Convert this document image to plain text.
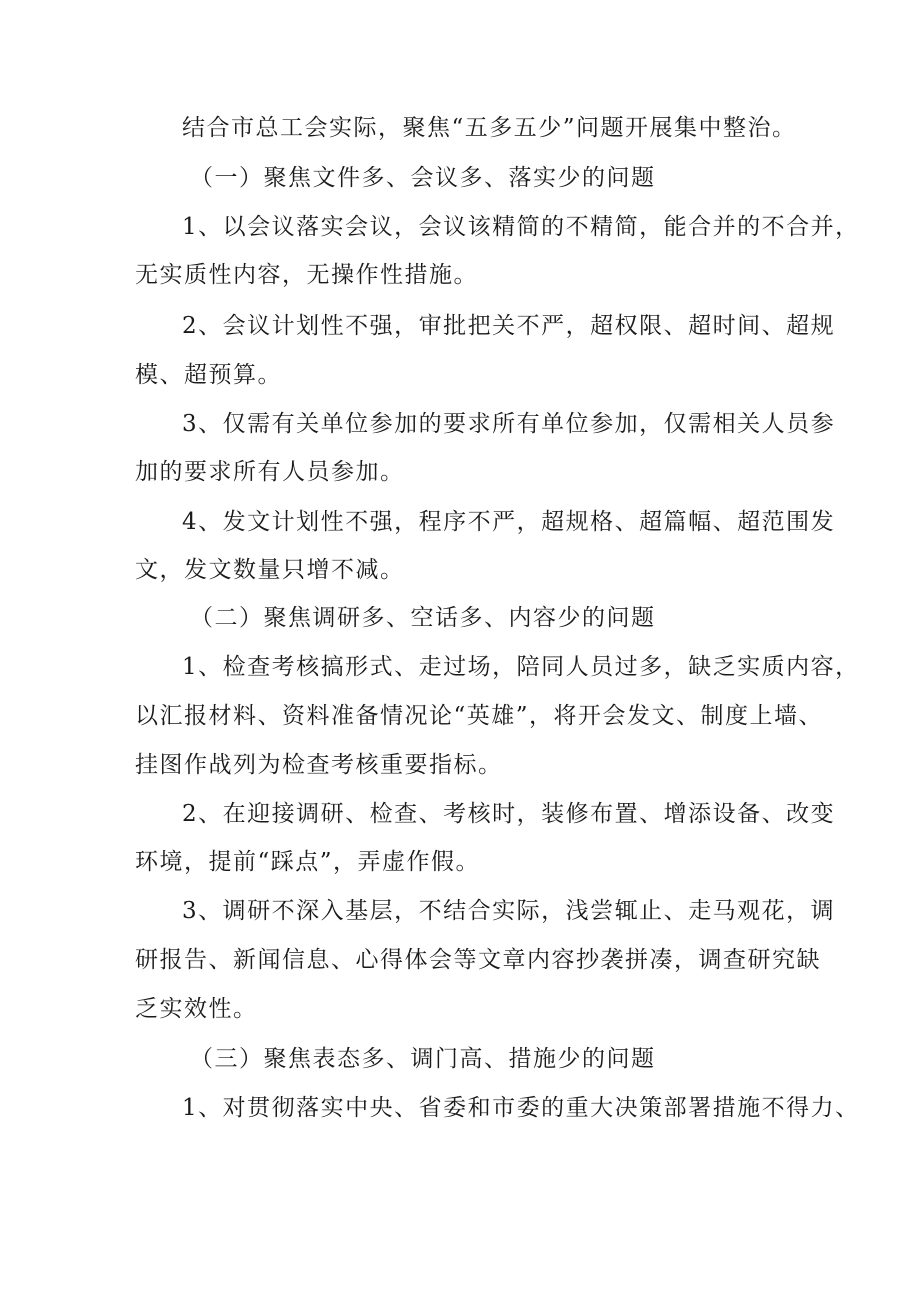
结合市总工会实际，聚焦“五多五少”问题开展集中整治。

（一）聚焦文件多、会议多、落实少的问题

1、以会议落实会议，会议该精简的不精简，能合并的不合并，

无实质性内容，无操作性措施。

2、会议计划性不强，审批把关不严，超权限、超时间、超规

模、超预算。

3、仅需有关单位参加的要求所有单位参加，仅需相关人员参

加的要求所有人员参加。

4、发文计划性不强，程序不严，超规格、超篇幅、超范围发

文，发文数量只增不减。

（二）聚焦调研多、空话多、内容少的问题

1、检查考核搞形式、走过场，陪同人员过多，缺乏实质内容，

以汇报材料、资料准备情况论“英雄”，将开会发文、制度上墙、

挂图作战列为检查考核重要指标。

2、在迎接调研、检查、考核时，装修布置、增添设备、改变

环境，提前“踩点”，弄虚作假。

3、调研不深入基层，不结合实际，浅尝辄止、走马观花，调

研报告、新闻信息、心得体会等文章内容抄袭拼凑，调查研究缺

乏实效性。

（三）聚焦表态多、调门高、措施少的问题

1、对贯彻落实中央、省委和市委的重大决策部署措施不得力、
